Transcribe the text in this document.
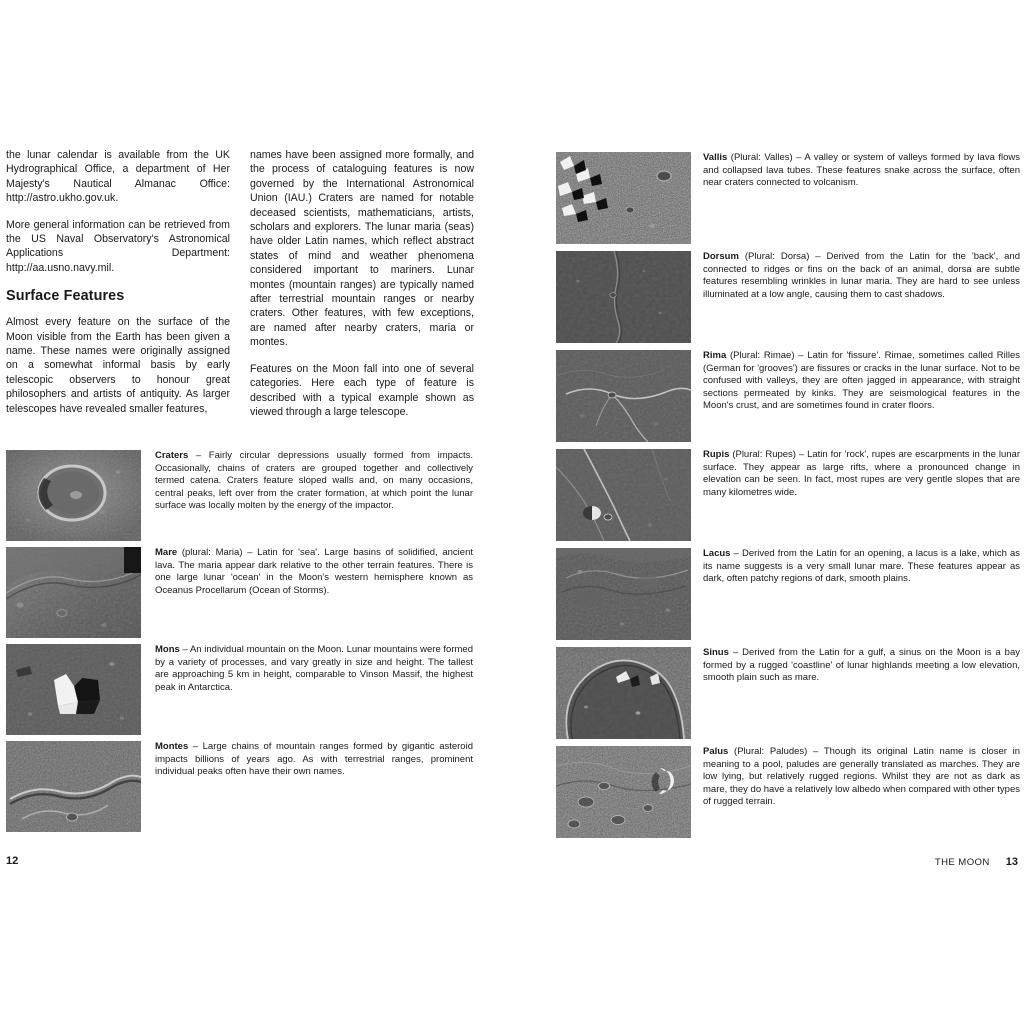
the lunar calendar is available from the UK Hydrographical Office, a department of Her Majesty's Nautical Almanac Office: http://astro.ukho.gov.uk.

More general information can be retrieved from the US Naval Observatory's Astronomical Applications Department: http://aa.usno.navy.mil.

Surface Features

Almost every feature on the surface of the Moon visible from the Earth has been given a name. These names were originally assigned on a somewhat informal basis by early telescopic observers to honour great philosophers and artists of antiquity. As larger telescopes have revealed smaller features,

names have been assigned more formally, and the process of cataloguing features is now governed by the International Astronomical Union (IAU.) Craters are named for notable deceased scientists, mathematicians, artists, scholars and explorers. The lunar maria (seas) have older Latin names, which reflect abstract states of mind and weather phenomena considered important to mariners. Lunar montes (mountain ranges) are typically named after terrestrial mountain ranges or nearby craters. Other features, with few exceptions, are named after nearby craters, maria or montes.

Features on the Moon fall into one of several categories. Here each type of feature is described with a typical example shown as viewed through a large telescope.

Craters – Fairly circular depressions usually formed from impacts. Occasionally, chains of craters are grouped together and collectively termed catena. Craters feature sloped walls and, on many occasions, central peaks, left over from the crater formation, at which point the lunar surface was locally molten by the energy of the impactor.
Mare (plural: Maria) – Latin for 'sea'. Large basins of solidified, ancient lava. The maria appear dark relative to the other terrain features. There is one large lunar 'ocean' in the Moon's western hemisphere known as Oceanus Procellarum (Ocean of Storms).
Mons – An individual mountain on the Moon. Lunar mountains were formed by a variety of processes, and vary greatly in size and height. The tallest are approaching 5 km in height, comparable to Vinson Massif, the highest peak in Antarctica.
Montes – Large chains of mountain ranges formed by gigantic asteroid impacts billions of years ago. As with terrestrial ranges, prominent individual peaks often have their own names.
12
Vallis (Plural: Valles) – A valley or system of valleys formed by lava flows and collapsed lava tubes. These features snake across the surface, often near craters connected to volcanism.
Dorsum (Plural: Dorsa) – Derived from the Latin for the 'back', and connected to ridges or fins on the back of an animal, dorsa are subtle features resembling wrinkles in lunar maria. They are hard to see unless illuminated at a low angle, causing them to cast shadows.
Rima (Plural: Rimae) – Latin for 'fissure'. Rimae, sometimes called Rilles (German for 'grooves') are fissures or cracks in the lunar surface. Not to be confused with valleys, they are often jagged in appearance, with straight sections permeated by kinks. They are seismological features in the Moon's crust, and are sometimes found in crater floors.
Rupis (Plural: Rupes) – Latin for 'rock', rupes are escarpments in the lunar surface. They appear as large rifts, where a pronounced change in elevation can be seen. In fact, most rupes are very gentle slopes that are many kilometres wide.
Lacus – Derived from the Latin for an opening, a lacus is a lake, which as its name suggests is a very small lunar mare. These features appear as dark, often patchy regions of dark, smooth plains.
Sinus – Derived from the Latin for a gulf, a sinus on the Moon is a bay formed by a rugged 'coastline' of lunar highlands meeting a low elevation, smooth plain such as mare.
Palus (Plural: Paludes) – Though its original Latin name is closer in meaning to a pool, paludes are generally translated as marches. They are low lying, but relatively rugged regions. Whilst they are not as dark as mare, they do have a relatively low albedo when compared with other types of rugged terrain.
THE MOON 13
